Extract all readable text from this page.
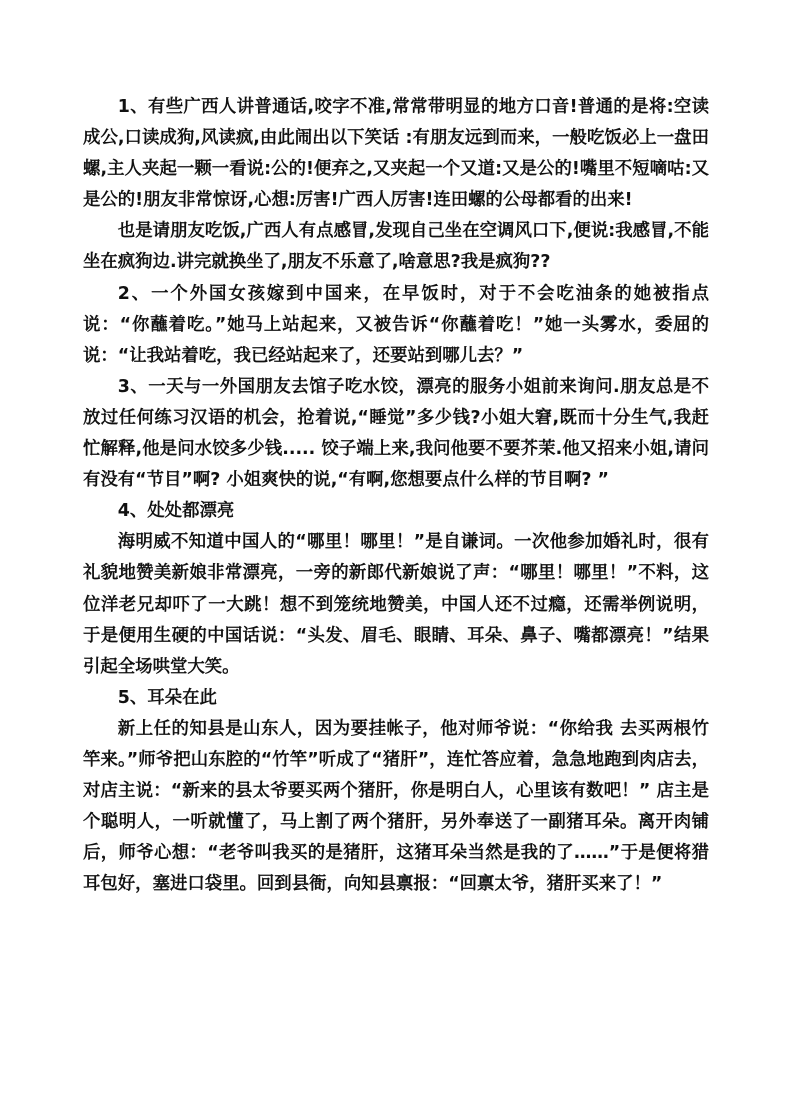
1、有些广西人讲普通话,咬字不准,常常带明显的地方口音!普通的是将:空读成公,口读成狗,风读疯,由此闹出以下笑话 :有朋友远到而来，一般吃饭必上一盘田螺,主人夹起一颗一看说:公的!便弃之,又夹起一个又道:又是公的!嘴里不短嘀咕:又是公的!朋友非常惊讶,心想:厉害!广西人厉害!连田螺的公母都看的出来!

也是请朋友吃饭,广西人有点感冒,发现自己坐在空调风口下,便说:我感冒,不能坐在疯狗边.讲完就换坐了,朋友不乐意了,啥意思?我是疯狗??

2、一个外国女孩嫁到中国来，在早饭时，对于不会吃油条的她被指点说：“你蘸着吃。”她马上站起来，又被告诉“你蘸着吃！”她一头雾水，委屈的说：“让我站着吃，我已经站起来了，还要站到哪儿去？”

3、一天与一外国朋友去馆子吃水饺，漂亮的服务小姐前来询问.朋友总是不放过任何练习汉语的机会，抢着说,“睡觉”多少钱?小姐大窘,既而十分生气,我赶忙解释,他是问水饺多少钱..... 饺子端上来,我问他要不要芥茉.他又招来小姐,请问有没有“节目”啊? 小姐爽快的说,“有啊,您想要点什么样的节目啊? ”

4、处处都漂亮

海明威不知道中国人的“哪里！哪里！”是自谦词。一次他参加婚礼时，很有礼貌地赞美新娘非常漂亮，一旁的新郎代新娘说了声：“哪里！哪里！”不料，这位洋老兄却吓了一大跳！想不到笼统地赞美，中国人还不过瘾，还需举例说明，于是便用生硬的中国话说：“头发、眉毛、眼睛、耳朵、鼻子、嘴都漂亮！”结果引起全场哄堂大笑。

5、耳朵在此

新上任的知县是山东人，因为要挂帐子，他对师爷说：“你给我 去买两根竹竿来。”师爷把山东腔的“竹竿”听成了“猪肝”，连忙答应着，急急地跑到肉店去，对店主说：“新来的县太爷要买两个猪肝，你是明白人，心里该有数吧！” 店主是个聪明人，一听就懂了，马上割了两个猪肝，另外奉送了一副猪耳朵。离开肉铺后，师爷心想：“老爷叫我买的是猪肝，这猪耳朵当然是我的了……”于是便将猎耳包好，塞进口袋里。回到县衙，向知县禀报：“回禀太爷，猪肝买来了！”
